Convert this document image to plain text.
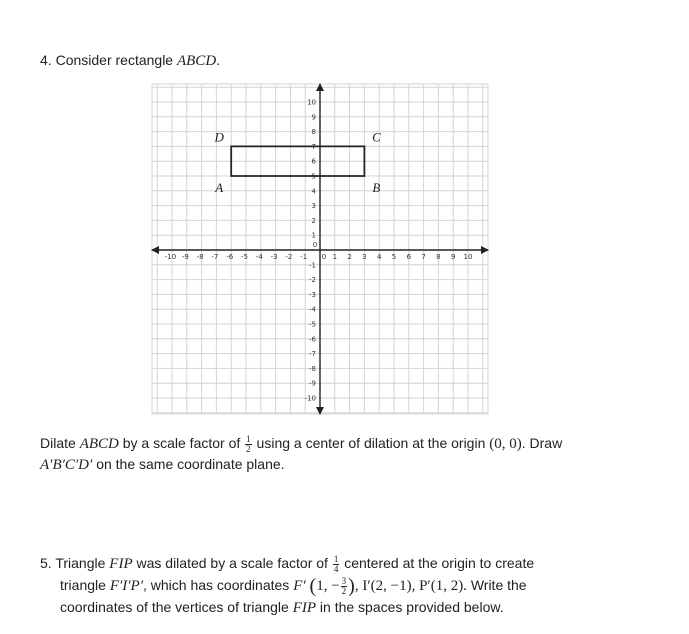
4. Consider rectangle ABCD.
-10 -9 -8 -7 -6 -5 -4 -3 -2 -1	1 2 3 4 5 6 7 8 9 10
0
0
1
2
3
4
5
6
7
8
9
10
-1
-2
-3
-4
-5
-6
-7
-8
-9
-10
A	B
C
D
Dilate ABCD by a scale factor of $\frac{1}{2}$ using a center of dilation at the origin (0, 0). Draw
A′B′C′D′ on the same coordinate plane.
5. Triangle FIP was dilated by a scale factor of $\frac{1}{4}$ centered at the origin to create
triangle F′I′P′, which has coordinates F′ (1, − $\frac{3}{2}$ ), I′(2, −1), P′(1, 2). Write the
coordinates of the vertices of triangle FIP in the spaces provided below.
